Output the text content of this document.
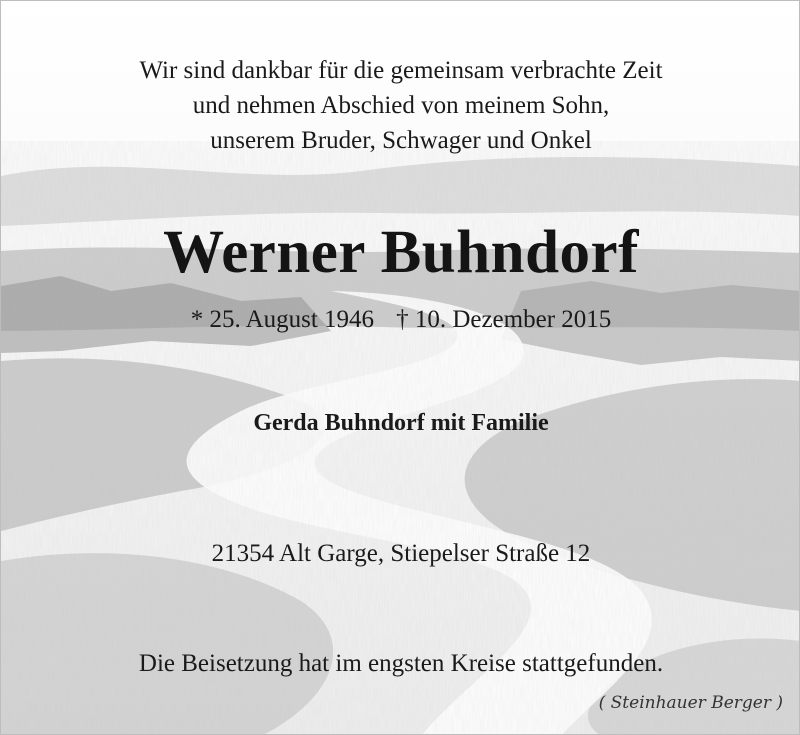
Wir sind dankbar für die gemeinsam verbrachte Zeit
und nehmen Abschied von meinem Sohn,
unserem Bruder, Schwager und Onkel
Werner Buhndorf
* 25. August 1946 † 10. Dezember 2015
Gerda Buhndorf mit Familie
21354 Alt Garge, Stiepelser Straße 12
Die Beisetzung hat im engsten Kreise stattgefunden.
( Steinhauer Berger )
